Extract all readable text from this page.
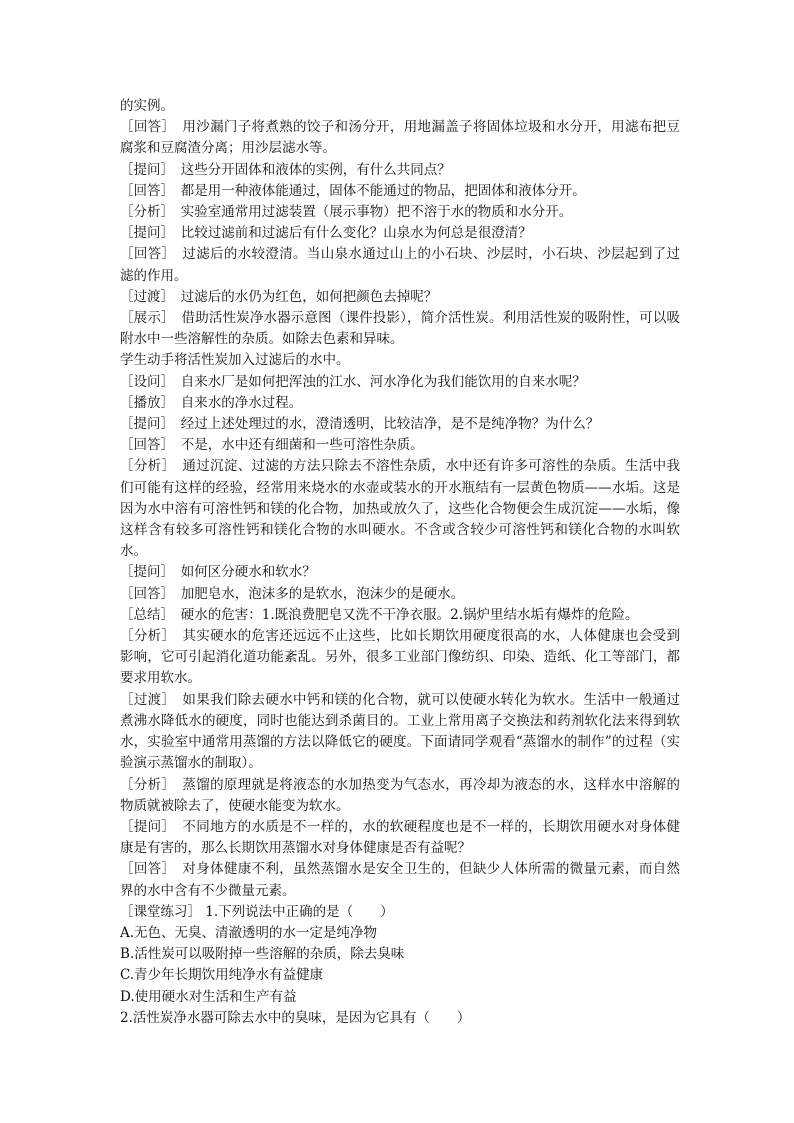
的实例。

［回答］　用沙漏门子将煮熟的饺子和汤分开，用地漏盖子将固体垃圾和水分开，用滤布把豆腐浆和豆腐渣分离；用沙层滤水等。

［提问］　这些分开固体和液体的实例，有什么共同点？

［回答］　都是用一种液体能通过，固体不能通过的物品，把固体和液体分开。

［分析］　实验室通常用过滤装置（展示事物）把不溶于水的物质和水分开。

［提问］　比较过滤前和过滤后有什么变化？山泉水为何总是很澄清？

［回答］　过滤后的水较澄清。当山泉水通过山上的小石块、沙层时，小石块、沙层起到了过滤的作用。

［过渡］　过滤后的水仍为红色，如何把颜色去掉呢？

［展示］　借助活性炭净水器示意图（课件投影），简介活性炭。利用活性炭的吸附性，可以吸附水中一些溶解性的杂质。如除去色素和异味。

学生动手将活性炭加入过滤后的水中。

［设问］　自来水厂是如何把浑浊的江水、河水净化为我们能饮用的自来水呢？

［播放］　自来水的净水过程。

［提问］　经过上述处理过的水，澄清透明，比较洁净，是不是纯净物？为什么？

［回答］　不是，水中还有细菌和一些可溶性杂质。

［分析］　通过沉淀、过滤的方法只除去不溶性杂质，水中还有许多可溶性的杂质。生活中我们可能有这样的经验，经常用来烧水的水壶或装水的开水瓶结有一层黄色物质——水垢。这是因为水中溶有可溶性钙和镁的化合物，加热或放久了，这些化合物便会生成沉淀——水垢，像这样含有较多可溶性钙和镁化合物的水叫硬水。不含或含较少可溶性钙和镁化合物的水叫软水。

［提问］　如何区分硬水和软水？

［回答］　加肥皂水，泡沫多的是软水，泡沫少的是硬水。

［总结］　硬水的危害：1.既浪费肥皂又洗不干净衣服。2.锅炉里结水垢有爆炸的危险。

［分析］　其实硬水的危害还远远不止这些，比如长期饮用硬度很高的水，人体健康也会受到影响，它可引起消化道功能紊乱。另外，很多工业部门像纺织、印染、造纸、化工等部门，都要求用软水。

［过渡］　如果我们除去硬水中钙和镁的化合物，就可以使硬水转化为软水。生活中一般通过煮沸水降低水的硬度，同时也能达到杀菌目的。工业上常用离子交换法和药剂软化法来得到软水，实验室中通常用蒸馏的方法以降低它的硬度。下面请同学观看“蒸馏水的制作”的过程（实验演示蒸馏水的制取）。

［分析］　蒸馏的原理就是将液态的水加热变为气态水，再冷却为液态的水，这样水中溶解的物质就被除去了，使硬水能变为软水。

［提问］　不同地方的水质是不一样的，水的软硬程度也是不一样的，长期饮用硬水对身体健康是有害的，那么长期饮用蒸馏水对身体健康是否有益呢？

［回答］　对身体健康不利，虽然蒸馏水是安全卫生的，但缺少人体所需的微量元素，而自然界的水中含有不少微量元素。

［课堂练习］ 1.下列说法中正确的是（　　）

A.无色、无臭、清澈透明的水一定是纯净物

B.活性炭可以吸附掉一些溶解的杂质，除去臭味

C.青少年长期饮用纯净水有益健康

D.使用硬水对生活和生产有益

2.活性炭净水器可除去水中的臭味，是因为它具有（　　）
